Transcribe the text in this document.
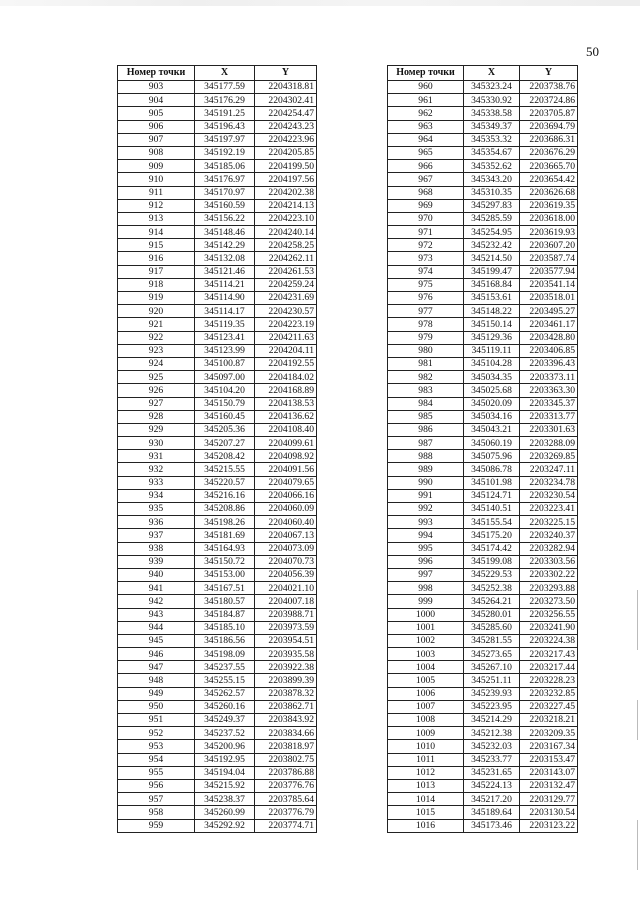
50
Номер точки	X	Y
903	345177.59	2204318.81
904	345176.29	2204302.41
905	345191.25	2204254.47
906	345196.43	2204243.23
907	345197.97	2204223.96
908	345192.19	2204205.85
909	345185.06	2204199.50
910	345176.97	2204197.56
911	345170.97	2204202.38
912	345160.59	2204214.13
913	345156.22	2204223.10
914	345148.46	2204240.14
915	345142.29	2204258.25
916	345132.08	2204262.11
917	345121.46	2204261.53
918	345114.21	2204259.24
919	345114.90	2204231.69
920	345114.17	2204230.57
921	345119.35	2204223.19
922	345123.41	2204211.63
923	345123.99	2204204.11
924	345100.87	2204192.55
925	345097.00	2204184.02
926	345104.20	2204168.89
927	345150.79	2204138.53
928	345160.45	2204136.62
929	345205.36	2204108.40
930	345207.27	2204099.61
931	345208.42	2204098.92
932	345215.55	2204091.56
933	345220.57	2204079.65
934	345216.16	2204066.16
935	345208.86	2204060.09
936	345198.26	2204060.40
937	345181.69	2204067.13
938	345164.93	2204073.09
939	345150.72	2204070.73
940	345153.00	2204056.39
941	345167.51	2204021.10
942	345180.57	2204007.18
943	345184.87	2203988.71
944	345185.10	2203973.59
945	345186.56	2203954.51
946	345198.09	2203935.58
947	345237.55	2203922.38
948	345255.15	2203899.39
949	345262.57	2203878.32
950	345260.16	2203862.71
951	345249.37	2203843.92
952	345237.52	2203834.66
953	345200.96	2203818.97
954	345192.95	2203802.75
955	345194.04	2203786.88
956	345215.92	2203776.76
957	345238.37	2203785.64
958	345260.99	2203776.79
959	345292.92	2203774.71
Номер точки	X	Y
960	345323.24	2203738.76
961	345330.92	2203724.86
962	345338.58	2203705.87
963	345349.37	2203694.79
964	345353.32	2203686.31
965	345354.67	2203676.29
966	345352.62	2203665.70
967	345343.20	2203654.42
968	345310.35	2203626.68
969	345297.83	2203619.35
970	345285.59	2203618.00
971	345254.95	2203619.93
972	345232.42	2203607.20
973	345214.50	2203587.74
974	345199.47	2203577.94
975	345168.84	2203541.14
976	345153.61	2203518.01
977	345148.22	2203495.27
978	345150.14	2203461.17
979	345129.36	2203428.80
980	345119.11	2203406.85
981	345104.28	2203396.43
982	345034.35	2203373.11
983	345025.68	2203363.30
984	345020.09	2203345.37
985	345034.16	2203313.77
986	345043.21	2203301.63
987	345060.19	2203288.09
988	345075.96	2203269.85
989	345086.78	2203247.11
990	345101.98	2203234.78
991	345124.71	2203230.54
992	345140.51	2203223.41
993	345155.54	2203225.15
994	345175.20	2203240.37
995	345174.42	2203282.94
996	345199.08	2203303.56
997	345229.53	2203302.22
998	345252.38	2203293.88
999	345264.21	2203273.50
1000	345280.01	2203256.55
1001	345285.60	2203241.90
1002	345281.55	2203224.38
1003	345273.65	2203217.43
1004	345267.10	2203217.44
1005	345251.11	2203228.23
1006	345239.93	2203232.85
1007	345223.95	2203227.45
1008	345214.29	2203218.21
1009	345212.38	2203209.35
1010	345232.03	2203167.34
1011	345233.77	2203153.47
1012	345231.65	2203143.07
1013	345224.13	2203132.47
1014	345217.20	2203129.77
1015	345189.64	2203130.54
1016	345173.46	2203123.22
